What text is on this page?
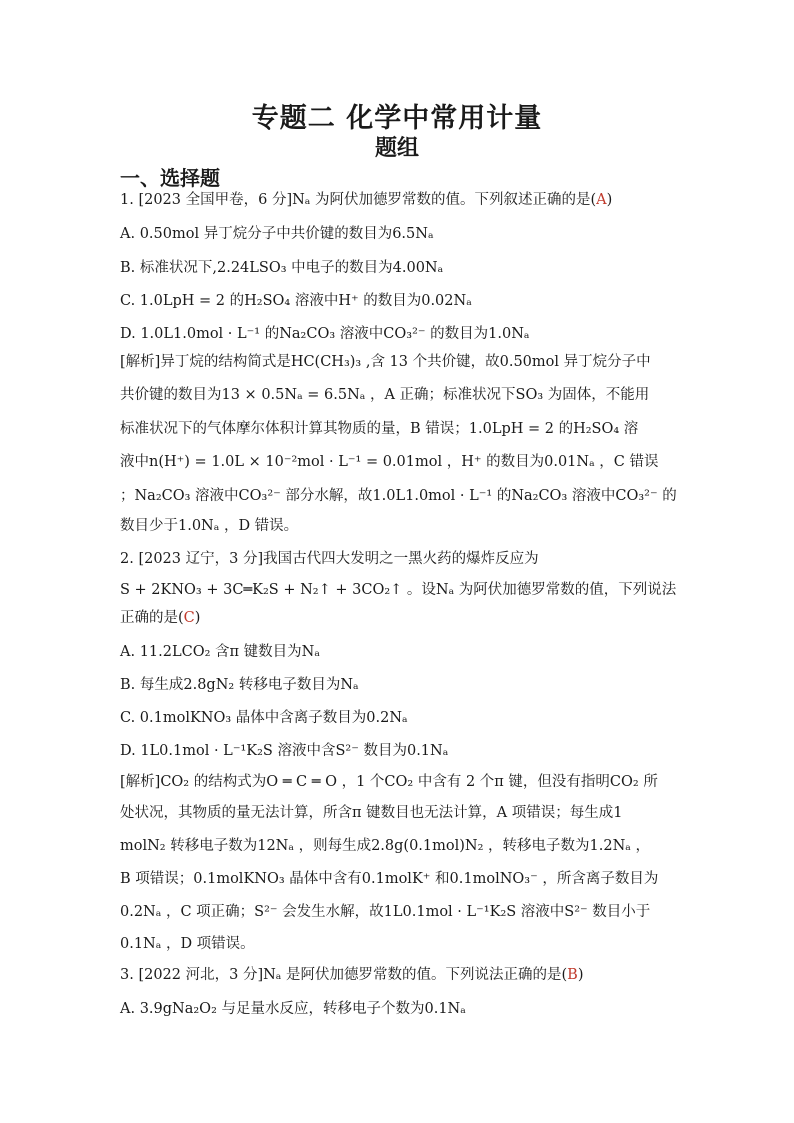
专题二 化学中常用计量
题组
一、选择题
1. [2023 全国甲卷，6 分]Nₐ 为阿伏加德罗常数的值。下列叙述正确的是(A)
A. 0.50mol 异丁烷分子中共价键的数目为6.5Nₐ
B. 标准状况下,2.24LSO₃ 中电子的数目为4.00Nₐ
C. 1.0LpH = 2 的H₂SO₄ 溶液中H⁺ 的数目为0.02Nₐ
D. 1.0L1.0mol · L⁻¹ 的Na₂CO₃ 溶液中CO₃²⁻ 的数目为1.0Nₐ
[解析]异丁烷的结构简式是HC(CH₃)₃ ,含 13 个共价键，故0.50mol 异丁烷分子中
共价键的数目为13 × 0.5Nₐ = 6.5Nₐ ，A 正确；标准状况下SO₃ 为固体，不能用
标准状况下的气体摩尔体积计算其物质的量，B 错误；1.0LpH = 2 的H₂SO₄ 溶
液中n(H⁺) = 1.0L × 10⁻²mol · L⁻¹ = 0.01mol ，H⁺ 的数目为0.01Nₐ ，C 错误
；Na₂CO₃ 溶液中CO₃²⁻ 部分水解，故1.0L1.0mol · L⁻¹ 的Na₂CO₃ 溶液中CO₃²⁻ 的
数目少于1.0Nₐ ，D 错误。
2. [2023 辽宁，3 分]我国古代四大发明之一黑火药的爆炸反应为
S + 2KNO₃ + 3C═K₂S + N₂↑ + 3CO₂↑ 。设Nₐ 为阿伏加德罗常数的值，下列说法
正确的是(C)
A. 11.2LCO₂ 含π 键数目为Nₐ
B. 每生成2.8gN₂ 转移电子数目为Nₐ
C. 0.1molKNO₃ 晶体中含离子数目为0.2Nₐ
D. 1L0.1mol · L⁻¹K₂S 溶液中含S²⁻ 数目为0.1Nₐ
[解析]CO₂ 的结构式为O ═ C ═ O ，1 个CO₂ 中含有 2 个π 键，但没有指明CO₂ 所
处状况，其物质的量无法计算，所含π 键数目也无法计算，A 项错误；每生成1
molN₂ 转移电子数为12Nₐ ，则每生成2.8g(0.1mol)N₂ ，转移电子数为1.2Nₐ ，
B 项错误；0.1molKNO₃ 晶体中含有0.1molK⁺ 和0.1molNO₃⁻ ，所含离子数目为
0.2Nₐ ，C 项正确；S²⁻ 会发生水解，故1L0.1mol · L⁻¹K₂S 溶液中S²⁻ 数目小于
0.1Nₐ ，D 项错误。
3. [2022 河北，3 分]Nₐ 是阿伏加德罗常数的值。下列说法正确的是(B)
A. 3.9gNa₂O₂ 与足量水反应，转移电子个数为0.1Nₐ
